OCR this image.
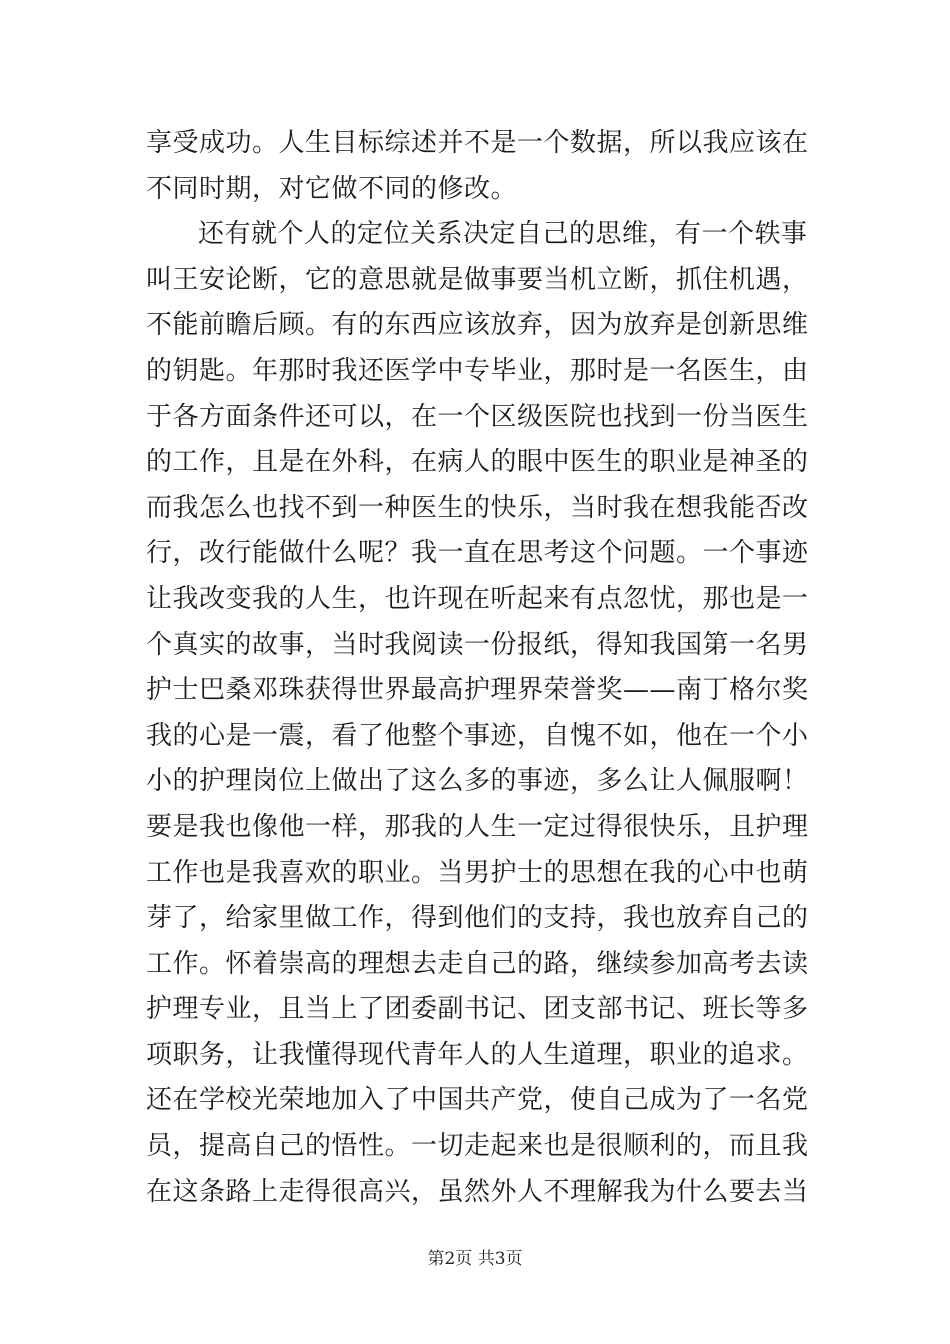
享受成功。人生目标综述并不是一个数据，所以我应该在
不同时期，对它做不同的修改。
还有就个人的定位关系决定自己的思维，有一个轶事
叫王安论断，它的意思就是做事要当机立断，抓住机遇，
不能前瞻后顾。有的东西应该放弃，因为放弃是创新思维
的钥匙。年那时我还医学中专毕业，那时是一名医生，由
于各方面条件还可以，在一个区级医院也找到一份当医生
的工作，且是在外科，在病人的眼中医生的职业是神圣的
而我怎么也找不到一种医生的快乐，当时我在想我能否改
行，改行能做什么呢？我一直在思考这个问题。一个事迹
让我改变我的人生，也许现在听起来有点忽忧，那也是一
个真实的故事，当时我阅读一份报纸，得知我国第一名男
护士巴桑邓珠获得世界最高护理界荣誉奖——南丁格尔奖
我的心是一震，看了他整个事迹，自愧不如，他在一个小
小的护理岗位上做出了这么多的事迹，多么让人佩服啊！
要是我也像他一样，那我的人生一定过得很快乐，且护理
工作也是我喜欢的职业。当男护士的思想在我的心中也萌
芽了，给家里做工作，得到他们的支持，我也放弃自己的
工作。怀着崇高的理想去走自己的路，继续参加高考去读
护理专业，且当上了团委副书记、团支部书记、班长等多
项职务，让我懂得现代青年人的人生道理，职业的追求。
还在学校光荣地加入了中国共产党，使自己成为了一名党
员，提高自己的悟性。一切走起来也是很顺利的，而且我
在这条路上走得很高兴，虽然外人不理解我为什么要去当
第2页 共3页
